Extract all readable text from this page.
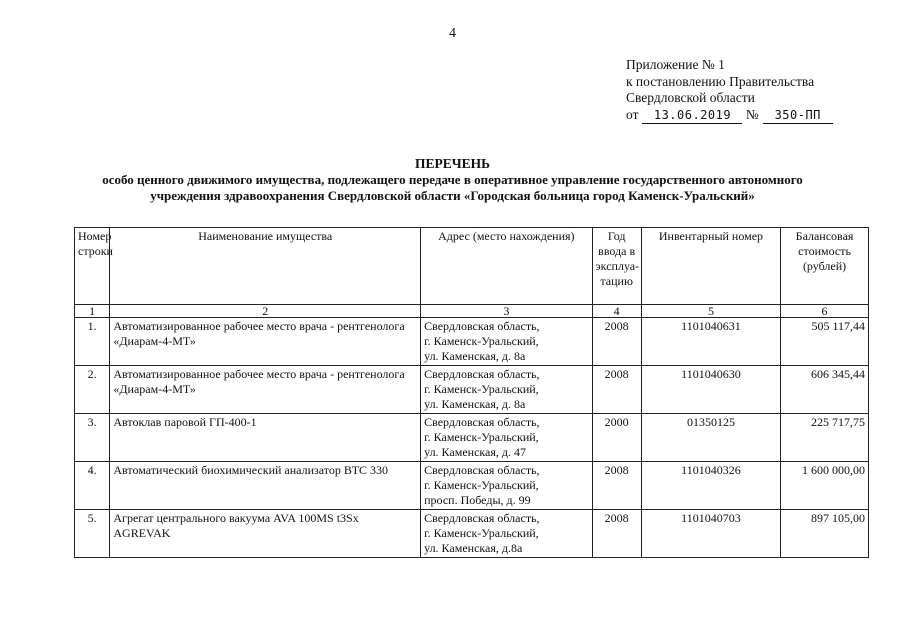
4
Приложение № 1
к постановлению Правительства
Свердловской области
от 13.06.2019 № 350-ПП
ПЕРЕЧЕНЬ
особо ценного движимого имущества, подлежащего передаче в оперативное управление государственного автономного
учреждения здравоохранения Свердловской области «Городская больница город Каменск-Уральский»
Номер строки	Наименование имущества	Адрес (место нахождения)	Год ввода в эксплуа-тацию	Инвентарный номер	Балансовая стоимость (рублей)
1	2	3	4	5	6
1.	Автоматизированное рабочее место врача - рентгенолога «Диарам-4-МТ»	Свердловская область,
г. Каменск-Уральский,
ул. Каменская, д. 8а	2008	1101040631	505 117,44
2.	Автоматизированное рабочее место врача - рентгенолога «Диарам-4-МТ»	Свердловская область,
г. Каменск-Уральский,
ул. Каменская, д. 8а	2008	1101040630	606 345,44
3.	Автоклав паровой ГП-400-1	Свердловская область,
г. Каменск-Уральский,
ул. Каменская, д. 47	2000	01350125	225 717,75
4.	Автоматический биохимический анализатор ВТС 330	Свердловская область,
г. Каменск-Уральский,
просп. Победы, д. 99	2008	1101040326	1 600 000,00
5.	Агрегат центрального вакуума AVA 100MS t3Sx AGREVAK	Свердловская область,
г. Каменск-Уральский,
ул. Каменская, д.8а	2008	1101040703	897 105,00
